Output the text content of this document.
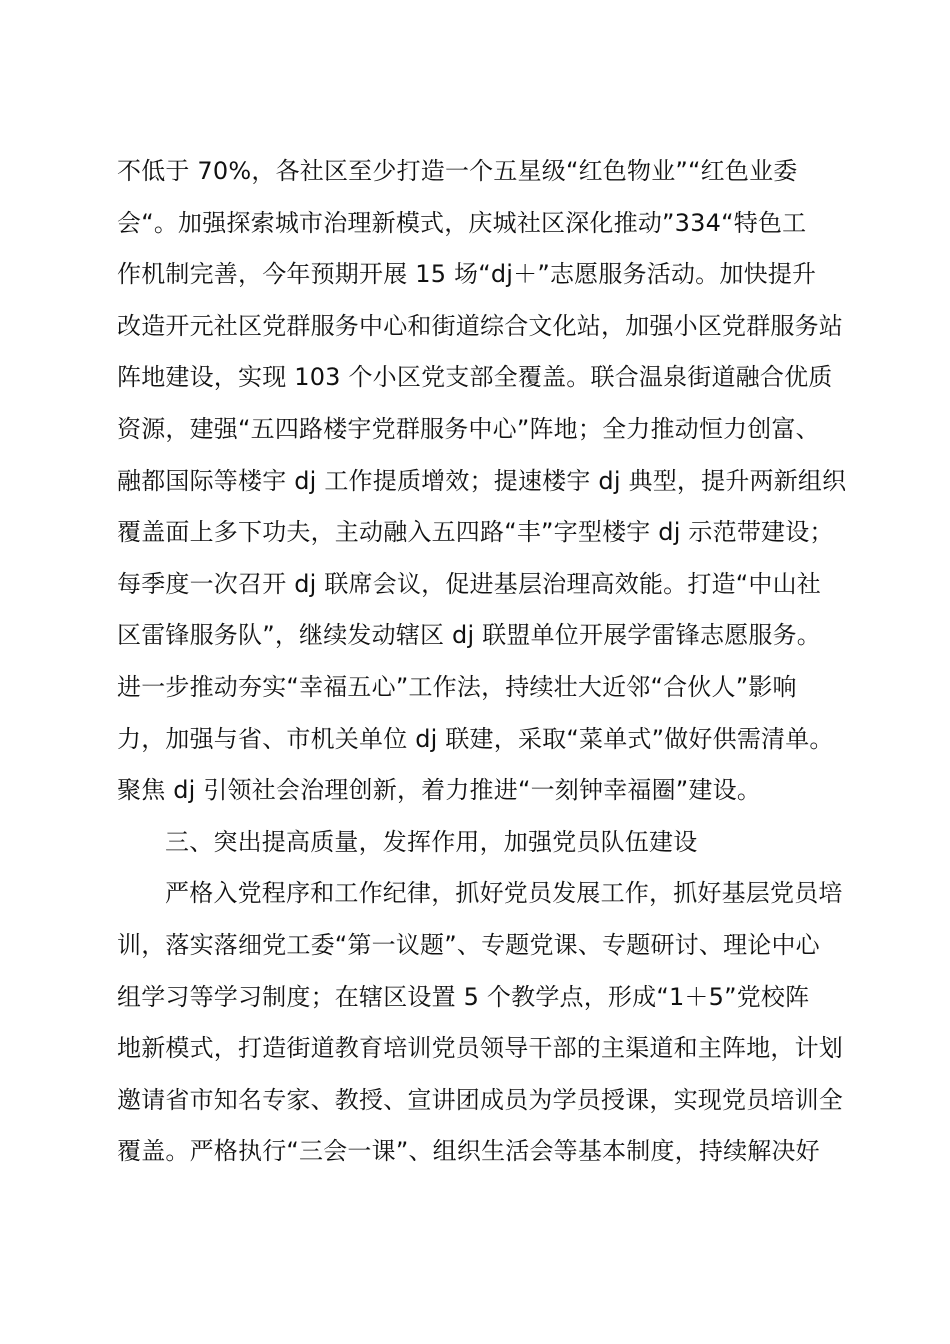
不低于 70%，各社区至少打造一个五星级“红色物业”“红色业委
会“。加强探索城市治理新模式，庆城社区深化推动”334“特色工
作机制完善，今年预期开展 15 场“dj＋”志愿服务活动。加快提升
改造开元社区党群服务中心和街道综合文化站，加强小区党群服务站
阵地建设，实现 103 个小区党支部全覆盖。联合温泉街道融合优质
资源，建强“五四路楼宇党群服务中心”阵地；全力推动恒力创富、
融都国际等楼宇 dj 工作提质增效；提速楼宇 dj 典型，提升两新组织
覆盖面上多下功夫，主动融入五四路“丰”字型楼宇 dj 示范带建设；
每季度一次召开 dj 联席会议，促进基层治理高效能。打造“中山社
区雷锋服务队”，继续发动辖区 dj 联盟单位开展学雷锋志愿服务。
进一步推动夯实“幸福五心”工作法，持续壮大近邻“合伙人”影响
力，加强与省、市机关单位 dj 联建，采取“菜单式”做好供需清单。
聚焦 dj 引领社会治理创新，着力推进“一刻钟幸福圈”建设。
三、突出提高质量，发挥作用，加强党员队伍建设
严格入党程序和工作纪律，抓好党员发展工作，抓好基层党员培
训，落实落细党工委“第一议题”、专题党课、专题研讨、理论中心
组学习等学习制度；在辖区设置 5 个教学点，形成“1＋5”党校阵
地新模式，打造街道教育培训党员领导干部的主渠道和主阵地，计划
邀请省市知名专家、教授、宣讲团成员为学员授课，实现党员培训全
覆盖。严格执行“三会一课”、组织生活会等基本制度，持续解决好
